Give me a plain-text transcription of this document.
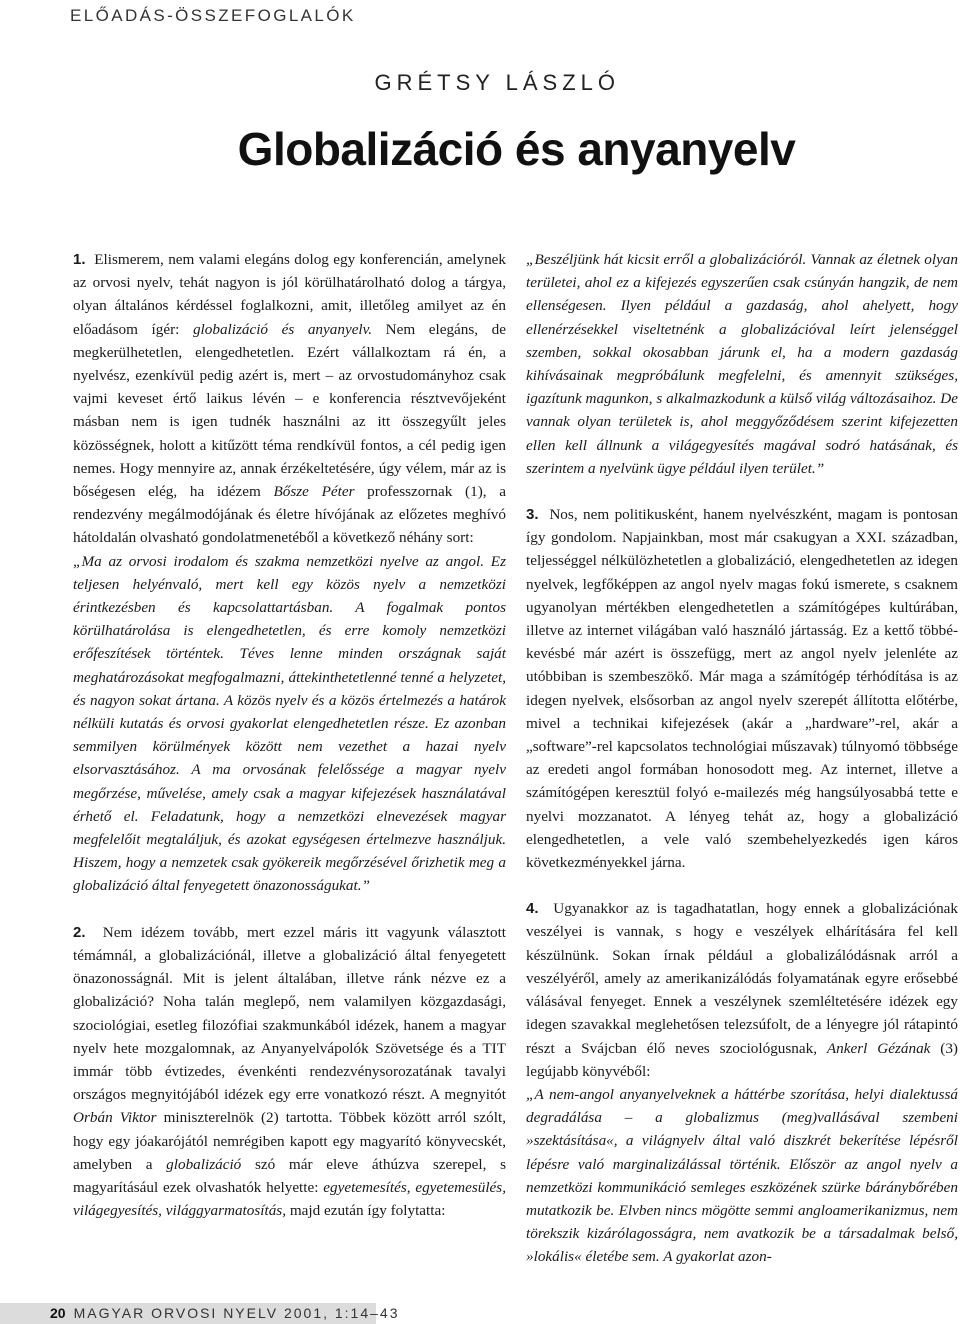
ELŐADÁS-ÖSSZEFOGLALÓK
GRÉTSY LÁSZLÓ
Globalizáció és anyanyelv

1. Elismerem, nem valami elegáns dolog egy konferencián, amelynek az orvosi nyelv, tehát nagyon is jól körülhatárolható dolog a tárgya, olyan általános kérdéssel foglalkozni, amit, illetőleg amilyet az én előadásom ígér: globalizáció és anyanyelv. Nem elegáns, de megkerülhetetlen, elengedhetetlen. Ezért vállalkoztam rá én, a nyelvész, ezenkívül pedig azért is, mert – az orvostudományhoz csak vajmi keveset értő laikus lévén – e konferencia résztvevőjeként másban nem is igen tudnék használni az itt összegyűlt jeles közösségnek, holott a kitűzött téma rendkívül fontos, a cél pedig igen nemes. Hogy mennyire az, annak érzékeltetésére, úgy vélem, már az is bőségesen elég, ha idézem Bősze Péter professzornak (1), a rendezvény megálmodójának és életre hívójának az előzetes meghívó hátoldalán olvasható gondolatmenetéből a következő néhány sort:

„Ma az orvosi irodalom és szakma nemzetközi nyelve az angol. Ez teljesen helyénvaló, mert kell egy közös nyelv a nemzetközi érintkezésben és kapcsolattartásban. A fogalmak pontos körülhatárolása is elengedhetetlen, és erre komoly nemzetközi erőfeszítések történtek. Téves lenne minden országnak saját meghatározásokat megfogalmazni, áttekinthetetlenné tenné a helyzetet, és nagyon sokat ártana. A közös nyelv és a közös értelmezés a határok nélküli kutatás és orvosi gyakorlat elengedhetetlen része. Ez azonban semmilyen körülmények között nem vezethet a hazai nyelv elsorvasztásához. A ma orvosának felelőssége a magyar nyelv megőrzése, művelése, amely csak a magyar kifejezések használatával érhető el. Feladatunk, hogy a nemzetközi elnevezések magyar megfelelőit megtaláljuk, és azokat egységesen értelmezve használjuk. Hiszem, hogy a nemzetek csak gyökereik megőrzésével őrizhetik meg a globalizáció által fenyegetett önazonosságukat.”

2. Nem idézem tovább, mert ezzel máris itt vagyunk választott témámnál, a globalizációnál, illetve a globalizáció által fenyegetett önazonosságnál. Mit is jelent általában, illetve ránk nézve ez a globalizáció? Noha talán meglepő, nem valamilyen közgazdasági, szociológiai, esetleg filozófiai szakmunkából idézek, hanem a magyar nyelv hete mozgalomnak, az Anyanyelvápolók Szövetsége és a TIT immár több évtizedes, évenkénti rendezvénysorozatának tavalyi országos megnyitójából idézek egy erre vonatkozó részt. A megnyitót Orbán Viktor miniszterelnök (2) tartotta. Többek között arról szólt, hogy egy jóakarójától nemrégiben kapott egy magyarító könyvecskét, amelyben a globalizáció szó már eleve áthúzva szerepel, s magyarításául ezek olvashatók helyette: egyetemesítés, egyetemesülés, világegyesítés, világgyarmatosítás, majd ezután így folytatta:

„Beszéljünk hát kicsit erről a globalizációról. Vannak az életnek olyan területei, ahol ez a kifejezés egyszerűen csak csúnyán hangzik, de nem ellenségesen. Ilyen például a gazdaság, ahol ahelyett, hogy ellenérzésekkel viseltetnénk a globalizációval leírt jelenséggel szemben, sokkal okosabban járunk el, ha a modern gazdaság kihívásainak megpróbálunk megfelelni, és amennyit szükséges, igazítunk magunkon, s alkalmazkodunk a külső világ változásaihoz. De vannak olyan területek is, ahol meggyőződésem szerint kifejezetten ellen kell állnunk a világegyesítés magával sodró hatásának, és szerintem a nyelvünk ügye például ilyen terület.”

3. Nos, nem politikusként, hanem nyelvészként, magam is pontosan így gondolom. Napjainkban, most már csakugyan a XXI. században, teljességgel nélkülözhetetlen a globalizáció, elengedhetetlen az idegen nyelvek, legfőképpen az angol nyelv magas fokú ismerete, s csaknem ugyanolyan mértékben elengedhetetlen a számítógépes kultúrában, illetve az internet világában való használó jártasság. Ez a kettő többé-kevésbé már azért is összefügg, mert az angol nyelv jelenléte az utóbbiban is szembeszökő. Már maga a számítógép térhódítása is az idegen nyelvek, elsősorban az angol nyelv szerepét állította előtérbe, mivel a technikai kifejezések (akár a „hardware”-rel, akár a „software”-rel kapcsolatos technológiai műszavak) túlnyomó többsége az eredeti angol formában honosodott meg. Az internet, illetve a számítógépen keresztül folyó e-mailezés még hangsúlyosabbá tette e nyelvi mozzanatot. A lényeg tehát az, hogy a globalizáció elengedhetetlen, a vele való szembehelyezkedés igen káros következményekkel járna.

4. Ugyanakkor az is tagadhatatlan, hogy ennek a globalizációnak veszélyei is vannak, s hogy e veszélyek elhárítására fel kell készülnünk. Sokan írnak például a globalizálódásnak arról a veszélyéről, amely az amerikanizálódás folyamatának egyre erősebbé válásával fenyeget. Ennek a veszélynek szemléltetésére idézek egy idegen szavakkal meglehetősen telezsúfolt, de a lényegre jól rátapintó részt a Svájcban élő neves szociológusnak, Ankerl Gézának (3) legújabb könyvéből:

„A nem-angol anyanyelveknek a háttérbe szorítása, helyi dialektussá degradálása – a globalizmus (meg)vallásával szembeni »szektásítása«, a világnyelv által való diszkrét bekerítése lépésről lépésre való marginalizálással történik. Először az angol nyelv a nemzetközi kommunikáció semleges eszközének szürke báránybőrében mutatkozik be. Elvben nincs mögötte semmi angloamerikanizmus, nem törekszik kizárólagosságra, nem avatkozik be a társadalmak belső, »lokális« életébe sem. A gyakorlat azon-

20 MAGYAR ORVOSI NYELV 2001, 1:14–43
